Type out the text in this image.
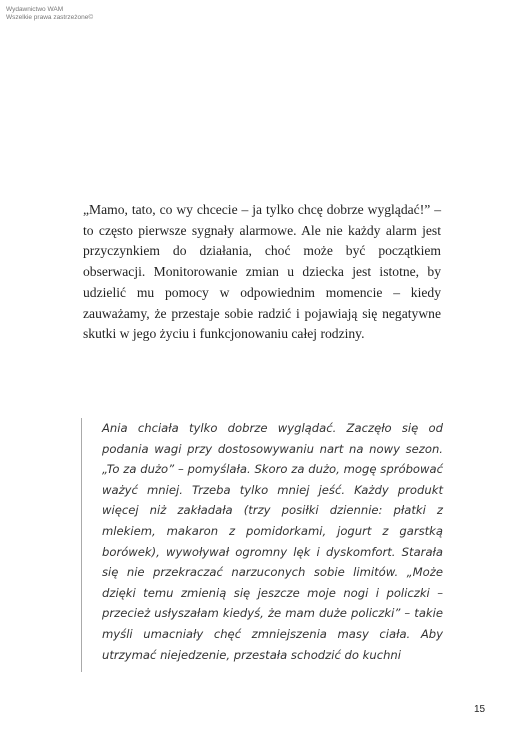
Wydawnictwo WAM
Wszelkie prawa zastrzeżone©

„Mamo, tato, co wy chcecie – ja tylko chcę dobrze wyglądać!” – to często pierwsze sygnały alarmowe. Ale nie każdy alarm jest przyczynkiem do działania, choć może być początkiem obserwacji. Monitorowanie zmian u dziecka jest istotne, by udzielić mu pomocy w odpowiednim momencie – kiedy zauważamy, że przestaje sobie radzić i pojawiają się negatywne skutki w jego życiu i funkcjonowaniu całej rodziny.

Ania chciała tylko dobrze wyglądać. Zaczęło się od podania wagi przy dostosowywaniu nart na nowy sezon. „To za dużo” – pomyślała. Skoro za dużo, mogę spróbować ważyć mniej. Trzeba tylko mniej jeść. Każdy produkt więcej niż zakładała (trzy posiłki dziennie: płatki z mlekiem, makaron z pomidorkami, jogurt z garstką borówek), wywoływał ogromny lęk i dyskomfort. Starała się nie przekraczać narzuconych sobie limitów. „Może dzięki temu zmienią się jeszcze moje nogi i policzki – przecież usłyszałam kiedyś, że mam duże policzki” – takie myśli umacniały chęć zmniejszenia masy ciała. Aby utrzymać niejedzenie, przestała schodzić do kuchni

15
